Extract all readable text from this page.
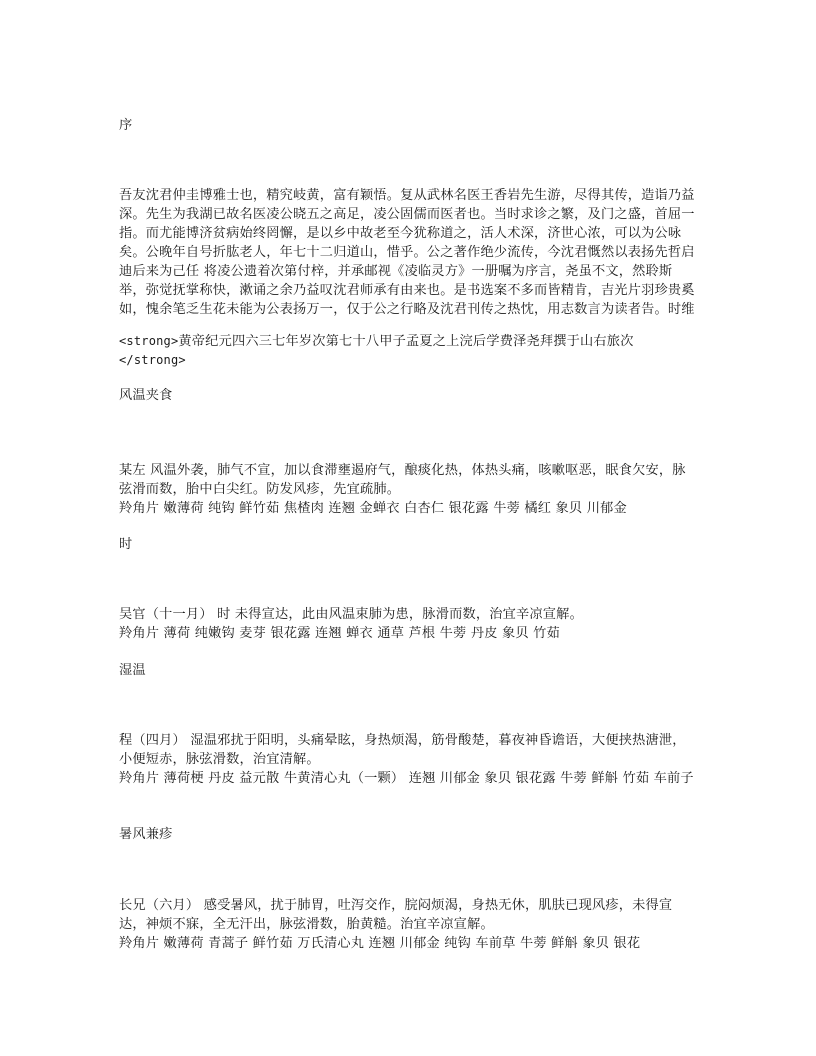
序
吾友沈君仲圭博雅士也，精究岐黄，富有颖悟。复从武林名医王香岩先生游，尽得其传，造诣乃益深。先生为我湖已故名医凌公晓五之高足，凌公固儒而医者也。当时求诊之繁，及门之盛，首屈一指。而尤能博济贫病始终罔懈，是以乡中故老至今犹称道之，活人术深，济世心浓，可以为公咏矣。公晚年自号折肱老人，年七十二归道山，惜乎。公之著作绝少流传，今沈君慨然以表扬先哲启迪后来为己任 将凌公遗着次第付梓，并承邮视《凌临灵方》一册嘱为序言，尧虽不文，然聆斯举，弥觉抚掌称快，漱诵之余乃益叹沈君师承有由来也。是书选案不多而皆精肯，吉光片羽珍贵奚如，愧余笔乏生花未能为公表扬万一，仅于公之行略及沈君刊传之热忱，用志数言为读者告。时维
<strong>黄帝纪元四六三七年岁次第七十八甲子孟夏之上浣后学费泽尧拜撰于山右旅次
</strong>
风温夹食
某左 风温外袭，肺气不宣，加以食滞壅遏府气，酿痰化热，体热头痛，咳嗽呕恶，眠食欠安，脉弦滑而数，胎中白尖红。防发风疹，先宜疏肺。
羚角片 嫩薄荷 纯钩 鲜竹茹 焦楂肉 连翘 金蝉衣 白杏仁 银花露 牛蒡 橘红 象贝 川郁金
时
吴官（十一月） 时 未得宣达，此由风温束肺为患，脉滑而数，治宜辛凉宣解。
羚角片 薄荷 纯嫩钩 麦芽 银花露 连翘 蝉衣 通草 芦根 牛蒡 丹皮 象贝 竹茹
湿温
程（四月） 湿温邪扰于阳明，头痛晕眩，身热烦渴，筋骨酸楚，暮夜神昏谵语，大便挟热溏泄，小便短赤，脉弦滑数，治宜清解。
羚角片 薄荷梗 丹皮 益元散 牛黄清心丸（一颗） 连翘 川郁金 象贝 银花露 牛蒡 鲜斛 竹茹 车前子
暑风兼疹
长兄（六月） 感受暑风，扰于肺胃，吐泻交作，脘闷烦渴，身热无休，肌肤已现风疹，未得宣达，神烦不寐，全无汗出，脉弦滑数，胎黄糙。治宜辛凉宣解。
羚角片 嫩薄荷 青蒿子 鲜竹茹 万氏清心丸 连翘 川郁金 纯钩 车前草 牛蒡 鲜斛 象贝 银花
